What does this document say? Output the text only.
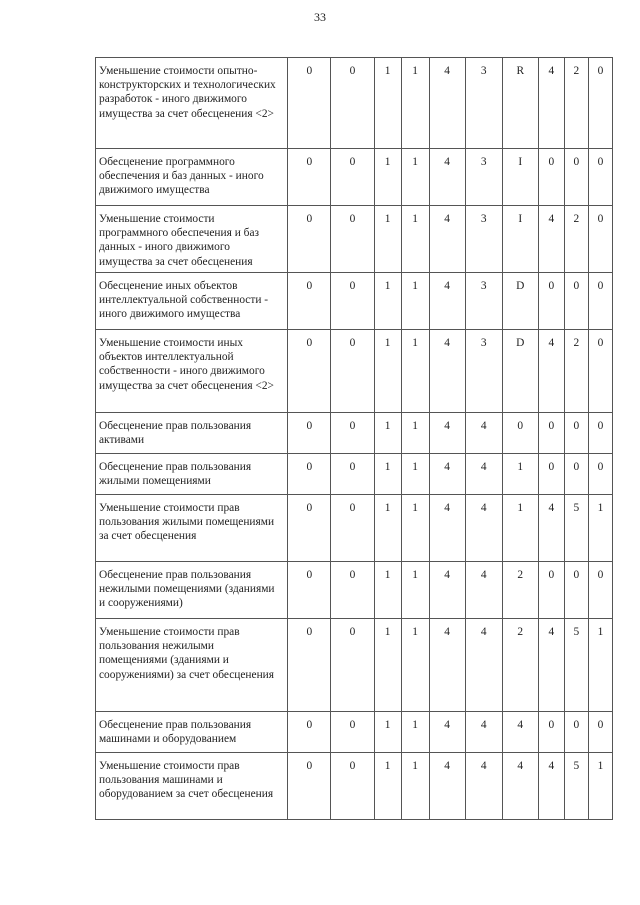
33
Уменьшение стоимости опытно-конструкторских и технологических разработок - иного движимого имущества за счет обесценения <2>	0	0	1	1	4	3	R	4	2	0
Обесценение программного обеспечения и баз данных - иного движимого имущества	0	0	1	1	4	3	I	0	0	0
Уменьшение стоимости программного обеспечения и баз данных - иного движимого имущества за счет обесценения	0	0	1	1	4	3	I	4	2	0
Обесценение иных объектов интеллектуальной собственности - иного движимого имущества	0	0	1	1	4	3	D	0	0	0
Уменьшение стоимости иных объектов интеллектуальной собственности - иного движимого имущества за счет обесценения <2>	0	0	1	1	4	3	D	4	2	0
Обесценение прав пользования активами	0	0	1	1	4	4	0	0	0	0
Обесценение прав пользования жилыми помещениями	0	0	1	1	4	4	1	0	0	0
Уменьшение стоимости прав пользования жилыми помещениями за счет обесценения	0	0	1	1	4	4	1	4	5	1
Обесценение прав пользования нежилыми помещениями (зданиями и сооружениями)	0	0	1	1	4	4	2	0	0	0
Уменьшение стоимости прав пользования нежилыми помещениями (зданиями и сооружениями) за счет обесценения	0	0	1	1	4	4	2	4	5	1
Обесценение прав пользования машинами и оборудованием	0	0	1	1	4	4	4	0	0	0
Уменьшение стоимости прав пользования машинами и оборудованием за счет обесценения	0	0	1	1	4	4	4	4	5	1
